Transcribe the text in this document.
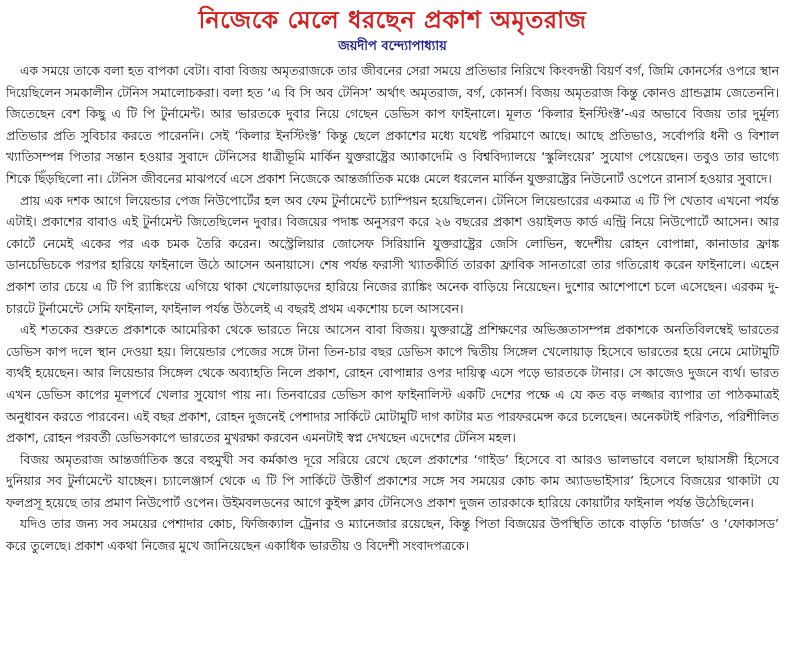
নিজেকে মেলে ধরছেন প্রকাশ অমৃতরাজ
জয়দীপ বন্দ্যোপাধ্যায়

এক সময়ে তাকে বলা হত বাপকা বেটা। বাবা বিজয় অমৃতরাজকে তার জীবনের সেরা সময়ে প্রতিভার নিরিখে কিংবদন্তী বিয়র্ণ বর্গ, জিমি কোনর্সের ওপরে স্থান দিয়েছিলেন সমকালীন টেনিস সমালোচকরা। বলা হত ‘এ বি সি অব টেনিস’ অর্থাৎ অমৃতরাজ, বর্গ, কোনর্স। বিজয় অমৃতরাজ কিন্তু কোনও গ্রান্ডস্লাম জেতেননি। জিতেছেন বেশ কিছু এ টি পি টুর্নামেন্ট। আর ভারতকে দুবার নিয়ে গেছেন ডেভিস কাপ ফাইনালে। মূলত ‘কিলার ইনস্টিংক্ট’-এর অভাবে বিজয় তার দুর্মূল্য প্রতিভার প্রতি সুবিচার করতে পারেননি। সেই ‘কিলার ইনস্টিংক্ট’ কিন্তু ছেলে প্রকাশের মধ্যে যথেষ্ট পরিমাণে আছে। আছে প্রতিভাও, সর্বোপরি ধনী ও বিশাল খ্যাতিসম্পন্ন পিতার সন্তান হওয়ার সুবাদে টেনিসের ধাত্রীভূমি মার্কিন যুক্তরাষ্ট্রের অ্যাকাদেমি ও বিশ্ববিদ্যালয়ে ‘স্কুলিংয়ের’ সুযোগ পেয়েছেন। তবুও তার ভাগ্যে শিকে ছিঁড়ছিলো না। টেনিস জীবনের মাঝপর্বে এসে প্রকাশ নিজেকে আন্তর্জাতিক মঞ্চে মেলে ধরলেন মার্কিন যুক্তরাষ্ট্রের নিউনোর্ট ওপেনে রানার্স হওয়ার সুবাদে।

প্রায় এক দশক আগে লিয়েন্ডার পেজ নিউপোর্টের হল অব ফেম টুর্নামেন্টে চ্যাম্পিয়ন হয়েছিলেন। টেনিসে লিয়েন্ডারের একমাত্র এ টি পি খেতাব এখনো পর্যন্ত এটাই। প্রকাশের বাবাও এই টুর্নামেন্ট জিতেছিলেন দুবার। বিজয়ের পদাঙ্ক অনুসরণ করে ২৬ বছরের প্রকাশ ওয়াইলড কার্ড এন্ট্রি নিয়ে নিউপোর্টে আসেন। আর কোর্টে নেমেই একের পর এক চমক তৈরি করেন। অস্ট্রেলিয়ার জোসেফ সিরিয়ানি যুক্তরাষ্ট্রের জেসি লোভিন, স্বদেশীয় রোহন বোপান্না, কানাডার ফ্রাঙ্ক ডানচেভিচকে পরপর হারিয়ে ফাইনালে উঠে আসেন অনায়াসে। শেষ পর্যন্ত ফরাসী খ্যাতকীর্তি তারকা ফ্রাবিক সানতারো তার গতিরোধ করেন ফাইনালে। এহেন প্রকাশ তার চেয়ে এ টি পি র‍্যাঙ্কিংয়ে এগিয়ে থাকা খেলোয়াড়দের হারিয়ে নিজের র‍্যাঙ্কিং অনেক বাড়িয়ে নিয়েছেন। দুশোর আশেপাশে চলে এসেছেন। এরকম দু-চারটে টুর্নামেন্টে সেমি ফাইনাল, ফাইনাল পর্যন্ত উঠলেই এ বছরই প্রথম একশোয় চলে আসবেন।

এই শতকের শুরুতে প্রকাশকে আমেরিকা থেকে ভারতে নিয়ে আসেন বাবা বিজয়। যুক্তরাষ্ট্রে প্রশিক্ষণের অভিজ্ঞতাসম্পন্ন প্রকাশকে অনতিবিলম্বেই ভারতের ডেভিস কাপ দলে স্থান দেওয়া হয়। লিয়েন্ডার পেজের সঙ্গে টানা তিন-চার বছর ডেভিস কাপে দ্বিতীয় সিঙ্গেল খেলোয়াড় হিসেবে ভারতের হয়ে নেমে মোটামুটি ব্যর্থই হয়েছেন। আর লিয়েন্ডার সিঙ্গেল থেকে অব্যাহতি নিলে প্রকাশ, রোহন বোপান্নার ওপর দায়িত্ব এসে পড়ে ভারতকে টানার। সে কাজেও দুজনে ব্যর্থ। ভারত এখন ডেভিস কাপের মূলপর্বে খেলার সুযোগ পায় না। তিনবারের ডেভিস কাপ ফাইনালিস্ট একটি দেশের পক্ষে এ যে কত বড় লজ্জার ব্যাপার তা পাঠকমাত্রই অনুধাবন করতে পারবেন। এই বছর প্রকাশ, রোহন দুজনেই পেশাদার সার্কিটে মোটামুটি দাগ কাটার মত পারফরমেন্স করে চলেছেন। অনেকটাই পরিণত, পরিশীলিত প্রকাশ, রোহন পরবর্তী ডেভিসকাপে ভারতের মুখরক্ষা করবেন এমনটাই স্বপ্ন দেখছেন এদেশের টেনিস মহল।

বিজয় অমৃতরাজ আন্তর্জাতিক স্তরে বহুমুখী সব কর্মকাণ্ড দূরে সরিয়ে রেখে ছেলে প্রকাশের ‘গাইড’ হিসেবে বা আরও ভালভাবে বললে ছায়াসঙ্গী হিসেবে দুনিয়ার সব টুর্নামেন্টে যাচ্ছেন। চ্যালেঞ্জার্স থেকে এ টি পি সার্কিটে উত্তীর্ণ প্রকাশের সঙ্গে সব সময়ের কোচ কাম অ্যাডভাইসার’ হিসেবে বিজয়ের থাকাটা যে ফলপ্রসূ হয়েছে তার প্রমাণ নিউপোর্ট ওপেন। উইমবলডনের আগে কুইন্স ক্লাব টেনিসেও প্রকাশ দুজন তারকাকে হারিয়ে কোয়ার্টার ফাইনাল পর্যন্ত উঠেছিলেন।

যদিও তার জন্য সব সময়ের পেশাদার কোচ, ফিজিক্যাল ট্রেনার ও ম্যানেজার রয়েছেন, কিন্তু পিতা বিজয়ের উপস্থিতি তাকে বাড়তি ‘চার্জড’ ও ‘ফোকাসড’ করে তুলেছে। প্রকাশ একথা নিজের মুখে জানিয়েছেন একাধিক ভারতীয় ও বিদেশী সংবাদপত্রকে।
